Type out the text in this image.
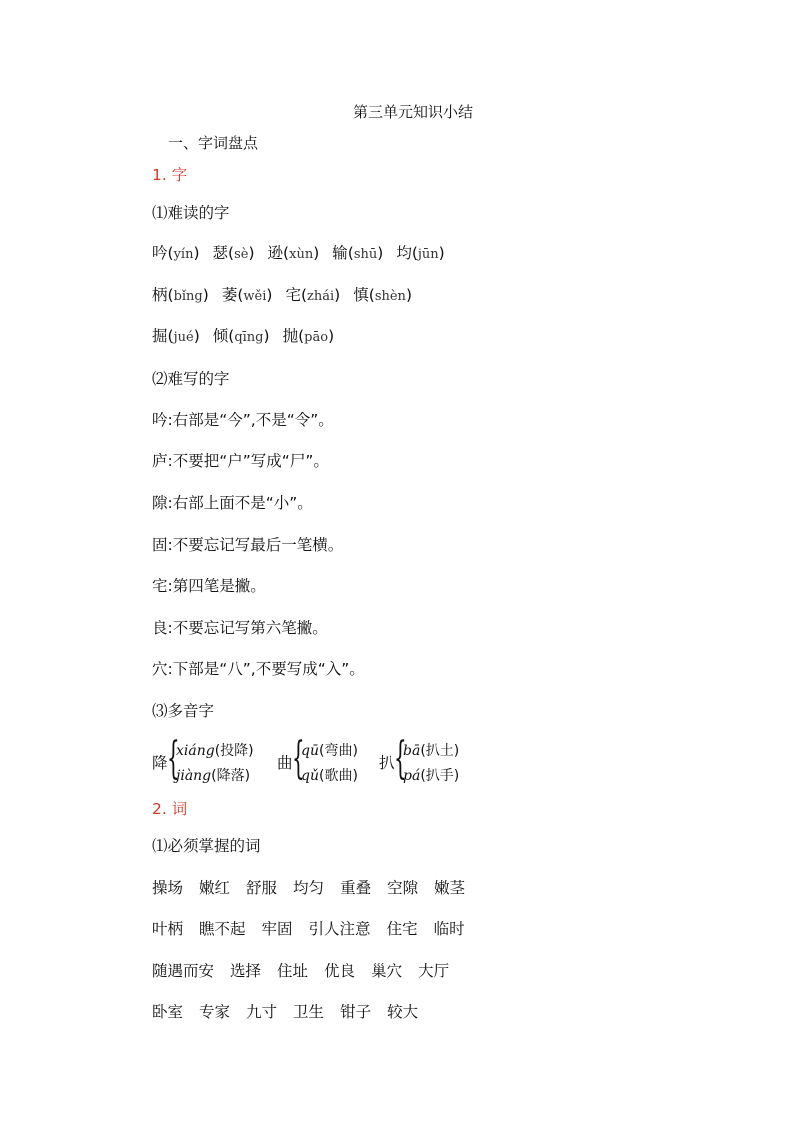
第三单元知识小结
一、字词盘点
1. 字
⑴难读的字
吟(yín) 瑟(sè) 逊(xùn) 输(shū) 均(jūn)
柄(bǐng) 萎(wěi) 宅(zhái) 慎(shèn)
掘(jué) 倾(qīng) 抛(pāo)
⑵难写的字
吟:右部是“今”,不是“令”。
庐:不要把“户”写成“尸”。
隙:右部上面不是“小”。
固:不要忘记写最后一笔横。
宅:第四笔是撇。
良:不要忘记写第六笔撇。
穴:下部是“八”,不要写成“入”。
⑶多音字
降 {
xiáng(投降)
jiàng(降落)
曲 {
qū(弯曲)
qǔ(歌曲)
扒 {
bā(扒土)
pá(扒手)
2. 词
⑴必须掌握的词
操场 嫩红 舒服 均匀 重叠 空隙 嫩茎
叶柄 瞧不起 牢固 引人注意 住宅 临时
随遇而安 选择 住址 优良 巢穴 大厅
卧室 专家 九寸 卫生 钳子 较大
